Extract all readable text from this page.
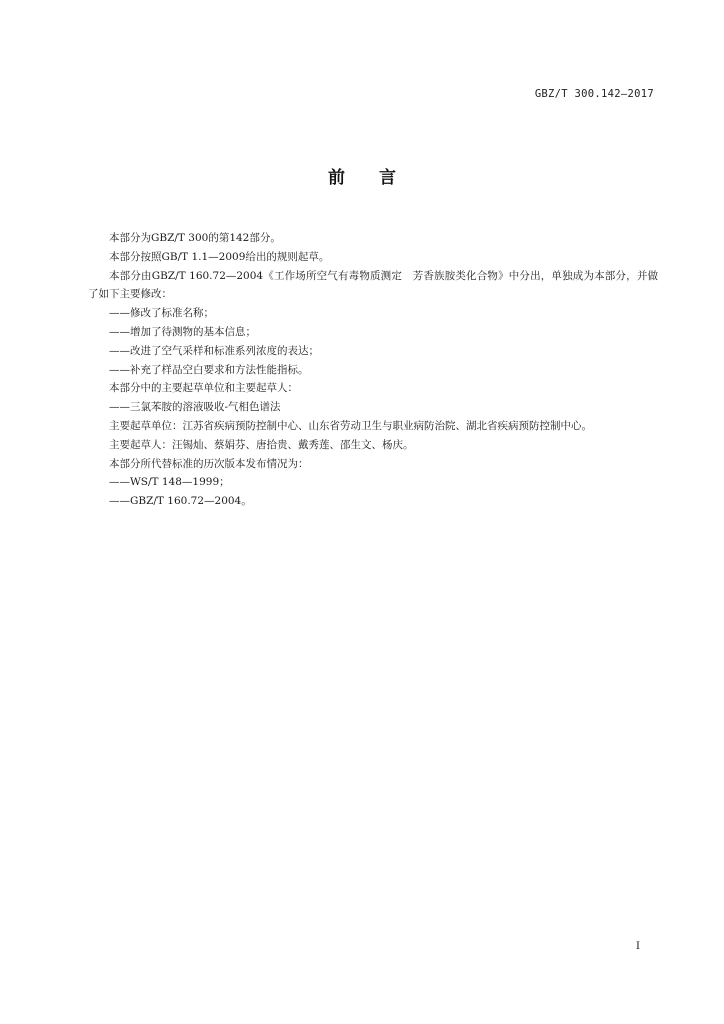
GBZ/T 300.142—2017
前言

本部分为GBZ/T 300的第142部分。

本部分按照GB/T 1.1—2009给出的规则起草。

本部分由GBZ/T 160.72—2004《工作场所空气有毒物质测定　芳香族胺类化合物》中分出，单独成为本部分，并做了如下主要修改：

——修改了标准名称；

——增加了待测物的基本信息；

——改进了空气采样和标准系列浓度的表达；

——补充了样品空白要求和方法性能指标。

本部分中的主要起草单位和主要起草人：

——三氯苯胺的溶液吸收-气相色谱法

主要起草单位：江苏省疾病预防控制中心、山东省劳动卫生与职业病防治院、湖北省疾病预防控制中心。

主要起草人：汪锡灿、蔡娟芬、唐拾贵、戴秀莲、邵生文、杨庆。

本部分所代替标准的历次版本发布情况为：

——WS/T 148—1999；

——GBZ/T 160.72—2004。

I
